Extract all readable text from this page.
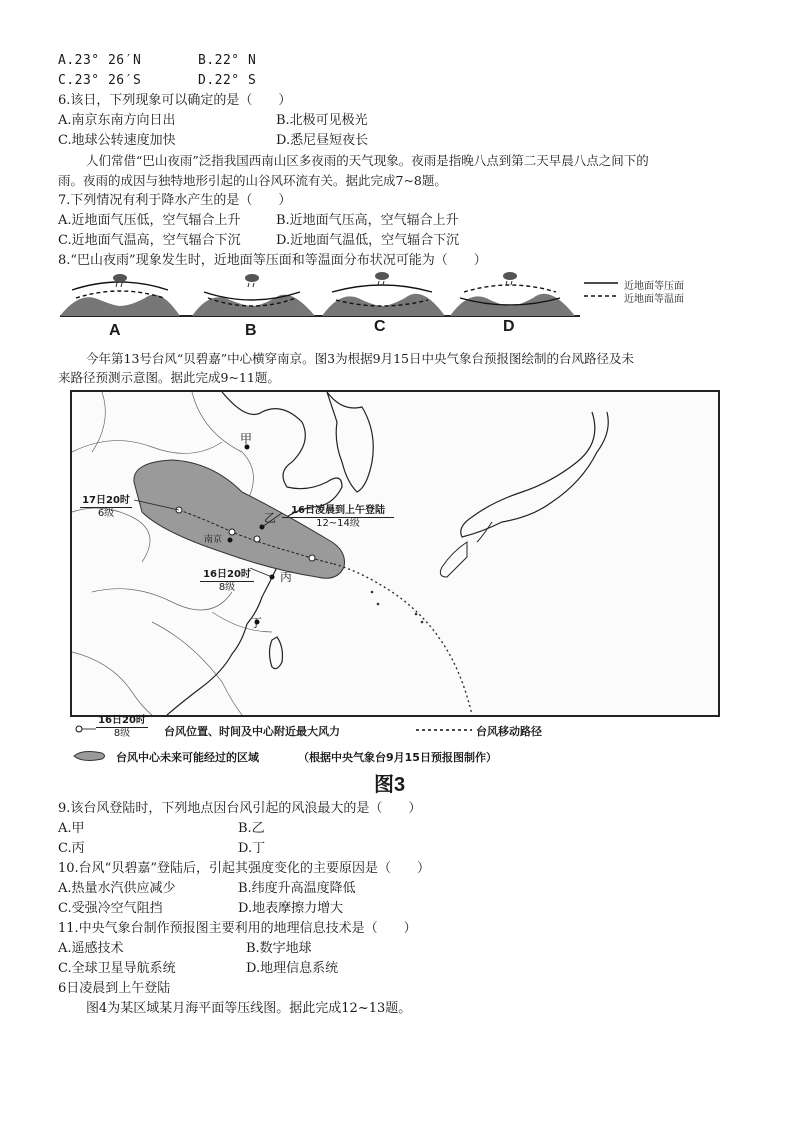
A.23° 26′N	B.22° N
C.23° 26′S	D.22° S
6.该日，下列现象可以确定的是（　　）
A.南京东南方向日出	B.北极可见极光
C.地球公转速度加快	D.悉尼昼短夜长
人们常借“巴山夜雨”泛指我国西南山区多夜雨的天气现象。夜雨是指晚八点到第二天早晨八点之间下的
雨。夜雨的成因与独特地形引起的山谷风环流有关。据此完成7~8题。
7.下列情况有利于降水产生的是（　　）
A.近地面气压低，空气辐合上升	B.近地面气压高，空气辐合上升
C.近地面气温高，空气辐合下沉	D.近地面气温低，空气辐合下沉
8.“巴山夜雨”现象发生时，近地面等压面和等温面分布状况可能为（　　）
近地面等压面
近地面等温面
A	B	C	D
今年第13号台风“贝碧嘉”中心横穿南京。图3为根据9月15日中央气象台预报图绘制的台风路径及未
来路径预测示意图。据此完成9~11题。
甲
乙
丙
丁
南京
17日20时
6级	16日凌晨到上午登陆
12~14级
16日20时
8级
16日20时
8级	台风位置、时间及中心附近最大风力	台风移动路径
台风中心未来可能经过的区域	（根据中央气象台9月15日预报图制作）
图3
9.该台风登陆时，下列地点因台风引起的风浪最大的是（　　）
A.甲	B.乙
C.丙	D.丁
10.台风“贝碧嘉”登陆后，引起其强度变化的主要原因是（　　）
A.热量水汽供应减少	B.纬度升高温度降低
C.受强冷空气阻挡	D.地表摩擦力增大
11.中央气象台制作预报图主要利用的地理信息技术是（　　）
A.遥感技术	B.数字地球
C.全球卫星导航系统	D.地理信息系统
6日凌晨到上午登陆
图4为某区域某月海平面等压线图。据此完成12~13题。
